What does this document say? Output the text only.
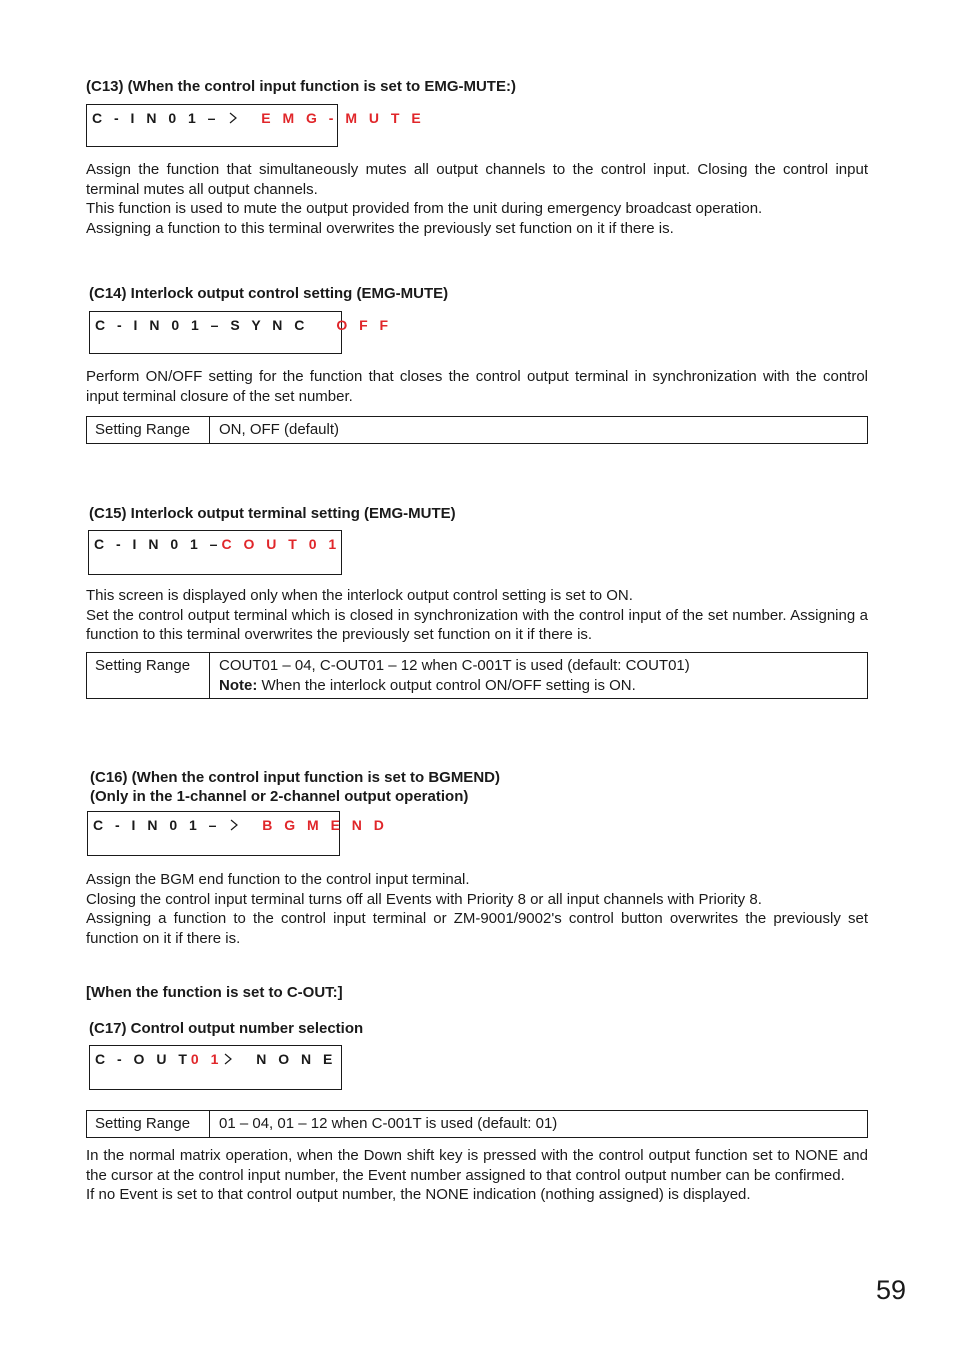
(C13) (When the control input function is set to EMG-MUTE:)
C - I N 0 1 –	E M G - M U T E

Assign the function that simultaneously mutes all output channels to the control input. Closing the control input terminal mutes all output channels.

This function is used to mute the output provided from the unit during emergency broadcast operation.

Assigning a function to this terminal overwrites the previously set function on it if there is.

(C14) Interlock output control setting (EMG-MUTE)
C - I N 0 1 – S Y N C O F F

Perform ON/OFF setting for the function that closes the control output terminal in synchronization with the control input terminal closure of the set number.

Setting Range	ON, OFF (default)
(C15) Interlock output terminal setting (EMG-MUTE)
C - I N 0 1 –C O U T 0 1

This screen is displayed only when the interlock output control setting is set to ON.

Set the control output terminal which is closed in synchronization with the control input of the set number. Assigning a function to this terminal overwrites the previously set function on it if there is.

Setting Range	COUT01 – 04, C-OUT01 – 12 when C-001T is used (default: COUT01)
Note: When the interlock output control ON/OFF setting is ON.
(C16) (When the control input function is set to BGMEND)
(Only in the 1-channel or 2-channel output operation)
C - I N 0 1 –	B G M E N D

Assign the BGM end function to the control input terminal.

Closing the control input terminal turns off all Events with Priority 8 or all input channels with Priority 8.

Assigning a function to the control input terminal or ZM-9001/9002's control button overwrites the previously set function on it if there is.

[When the function is set to C-OUT:]
(C17) Control output number selection
C - O U T0 1 N O N E
Setting Range	01 – 04, 01 – 12 when C-001T is used (default: 01)

In the normal matrix operation, when the Down shift key is pressed with the control output function set to NONE and the cursor at the control input number, the Event number assigned to that control output number can be confirmed.

If no Event is set to that control output number, the NONE indication (nothing assigned) is displayed.

59
